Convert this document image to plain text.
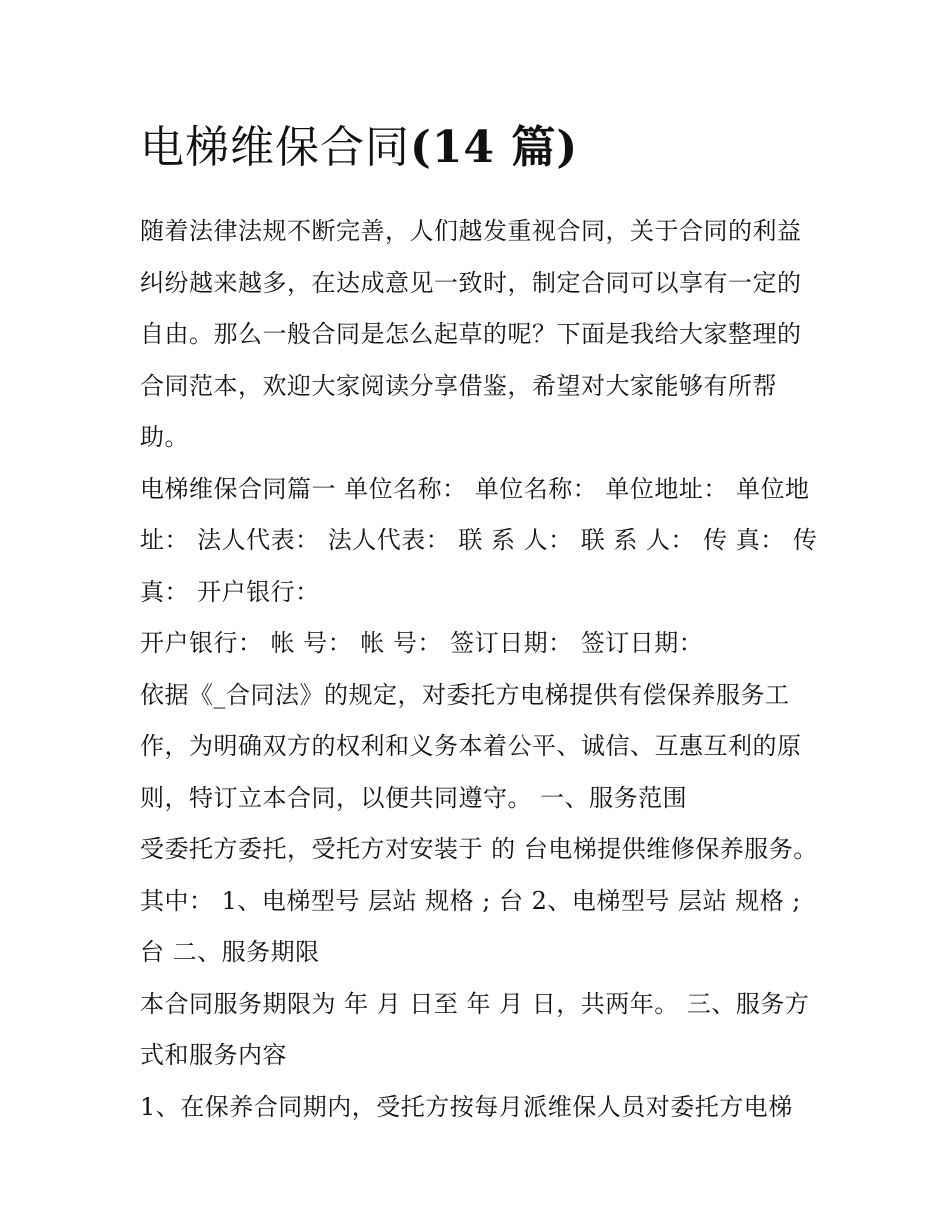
电梯维保合同(14 篇)

随着法律法规不断完善，人们越发重视合同，关于合同的利益纠纷越来越多，在达成意见一致时，制定合同可以享有一定的自由。那么一般合同是怎么起草的呢？下面是我给大家整理的合同范本，欢迎大家阅读分享借鉴，希望对大家能够有所帮助。

电梯维保合同篇一 单位名称： 单位名称： 单位地址： 单位地址： 法人代表： 法人代表： 联 系 人： 联 系 人： 传 真： 传 真： 开户银行：

开户银行： 帐 号： 帐 号： 签订日期： 签订日期：

依据《_合同法》的规定，对委托方电梯提供有偿保养服务工作，为明确双方的权利和义务本着公平、诚信、互惠互利的原则，特订立本合同，以便共同遵守。 一、服务范围

受委托方委托，受托方对安装于 的 台电梯提供维修保养服务。其中： 1、电梯型号 层站 规格 ; 台 2、电梯型号 层站 规格 ; 台 二、服务期限

本合同服务期限为 年 月 日至 年 月 日，共两年。 三、服务方式和服务内容

1、在保养合同期内，受托方按每月派维保人员对委托方电梯
